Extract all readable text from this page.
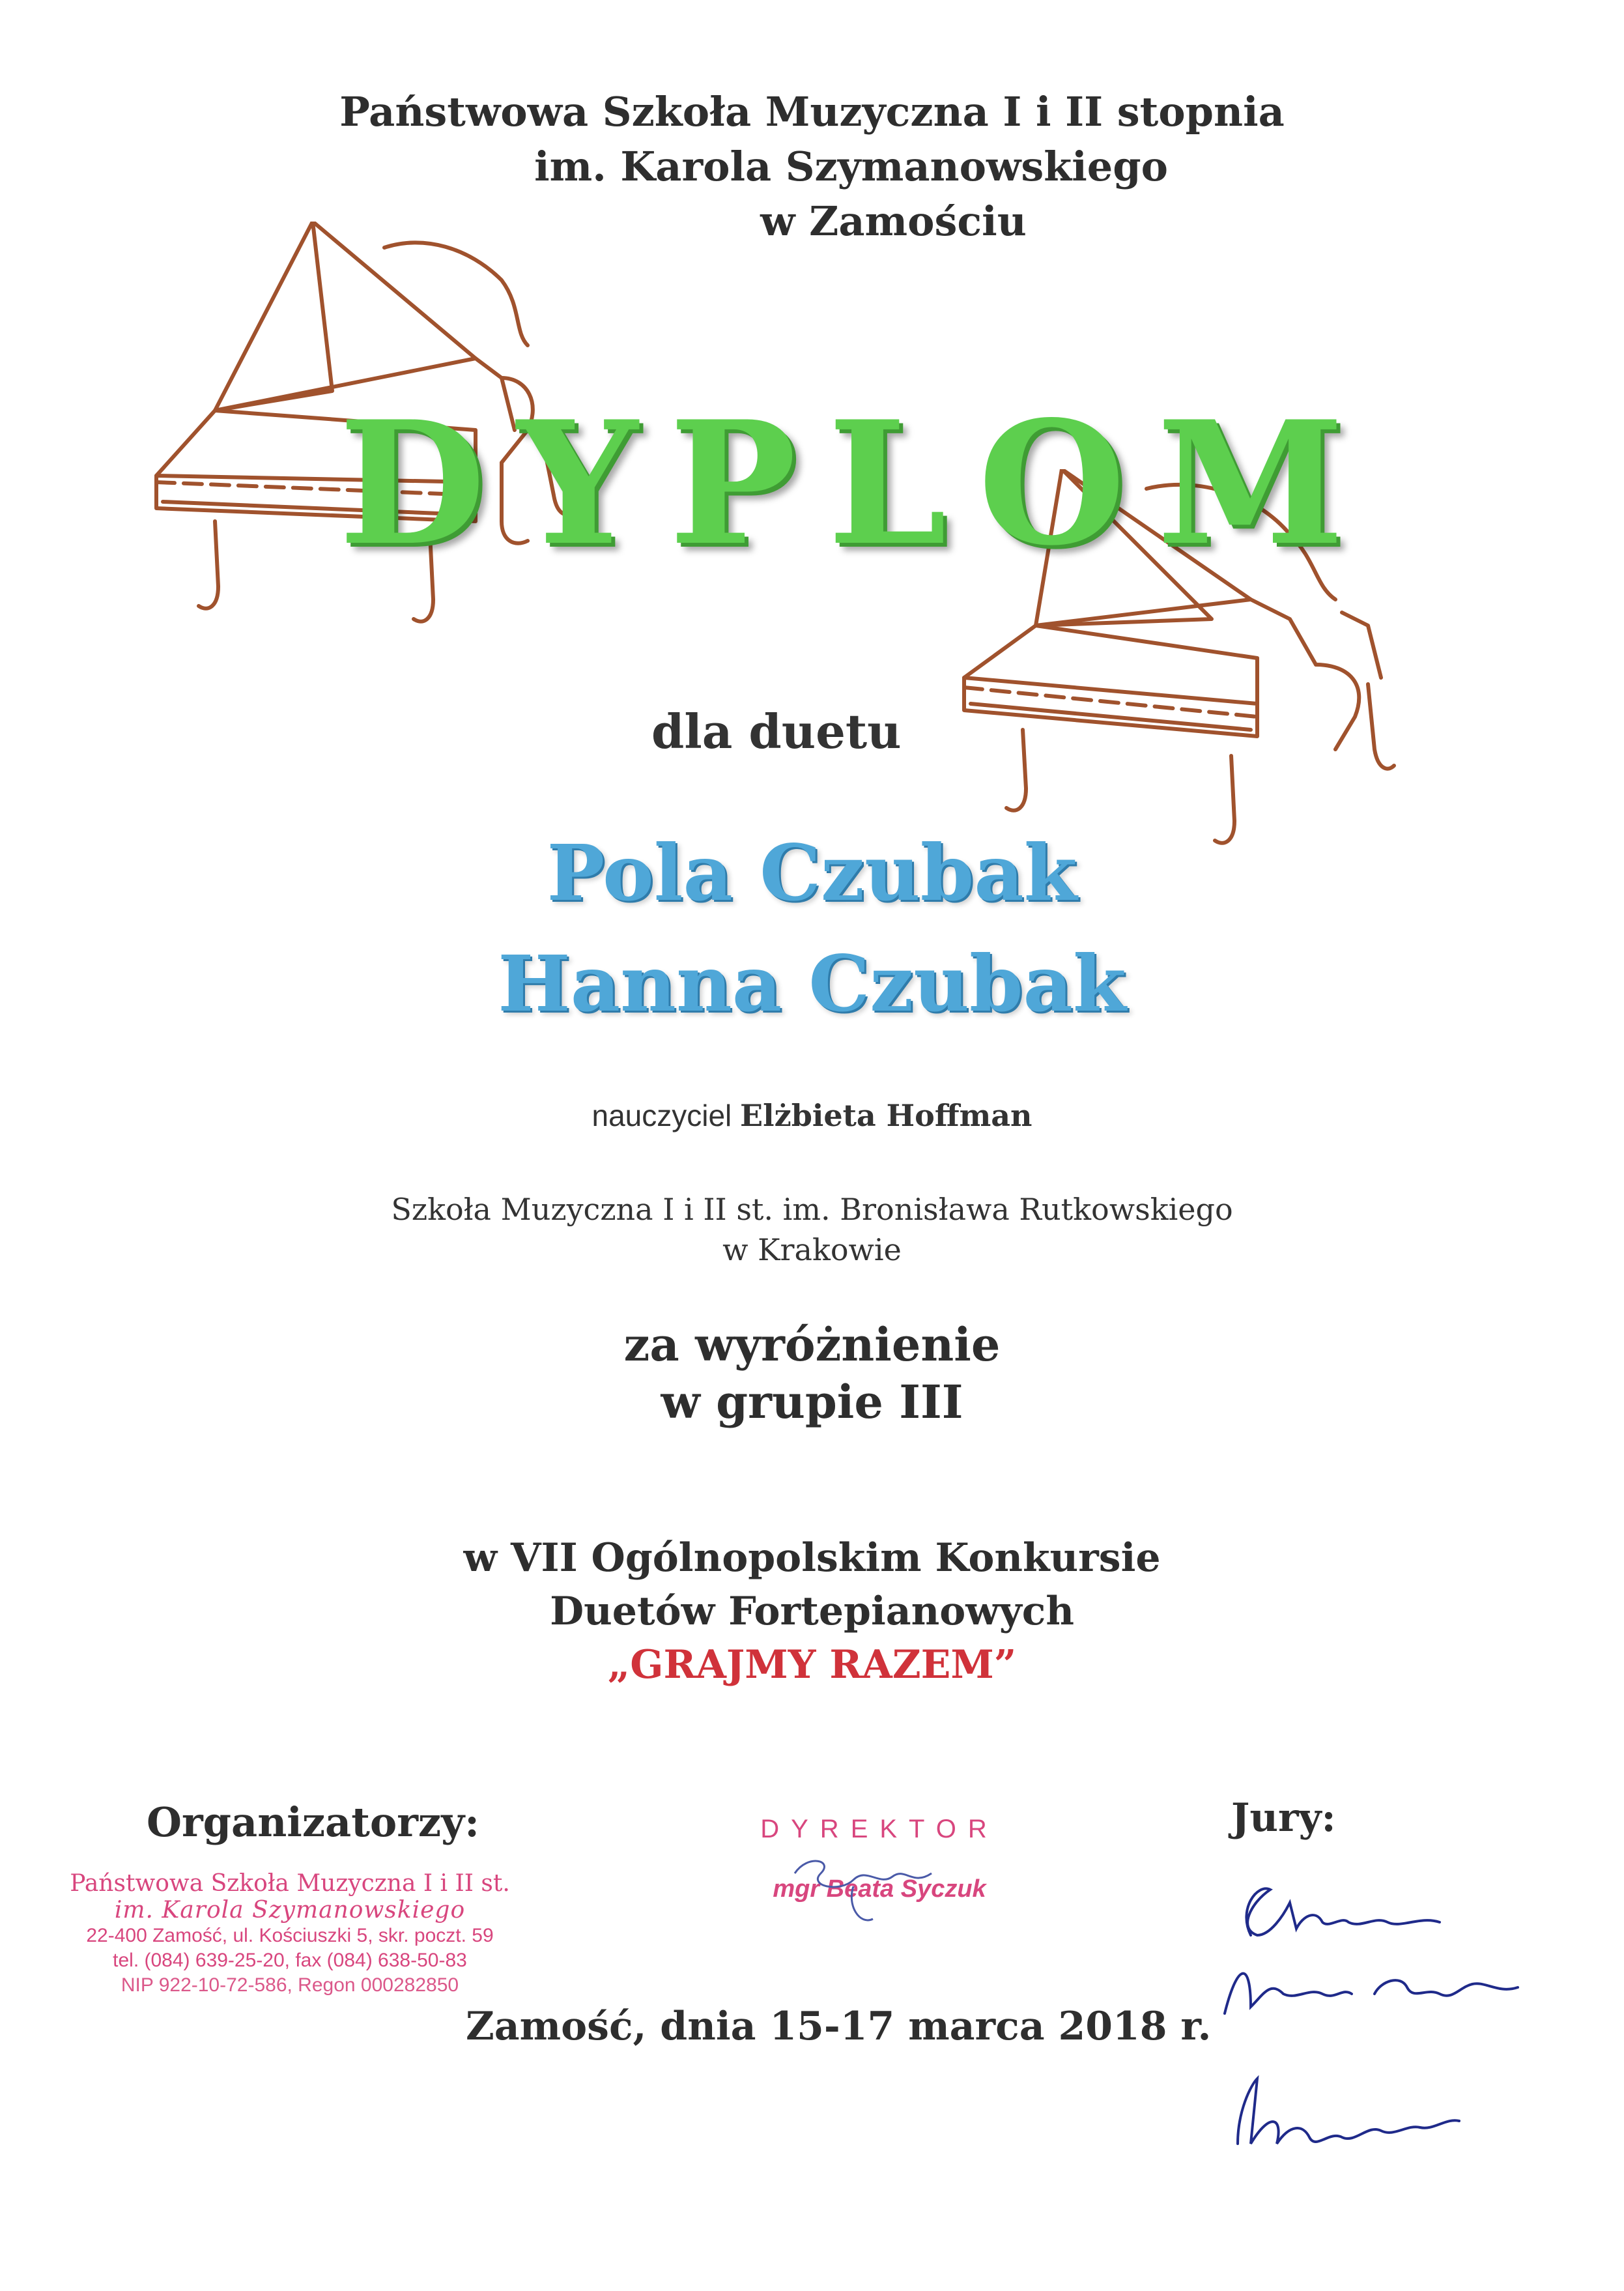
Państwowa Szkoła Muzyczna I i II stopnia
im. Karola Szymanowskiego
w Zamościu
DYPLOM
dla duetu
Pola Czubak
Hanna Czubak
nauczyciel Elżbieta Hoffman
Szkoła Muzyczna I i II st. im. Bronisława Rutkowskiego
w Krakowie
za wyróżnienie
w grupie III
w VII Ogólnopolskim Konkursie
Duetów Fortepianowych
„GRAJMY RAZEM”
Organizatorzy:
Państwowa Szkoła Muzyczna I i II st.
im. Karola Szymanowskiego
22-400 Zamość, ul. Kościuszki 5, skr. poczt. 59
tel. (084) 639-25-20, fax (084) 638-50-83
NIP 922-10-72-586, Regon 000282850
DYREKTOR
mgr Beata Syczuk
Jury:
Zamość, dnia 15-17 marca 2018 r.
